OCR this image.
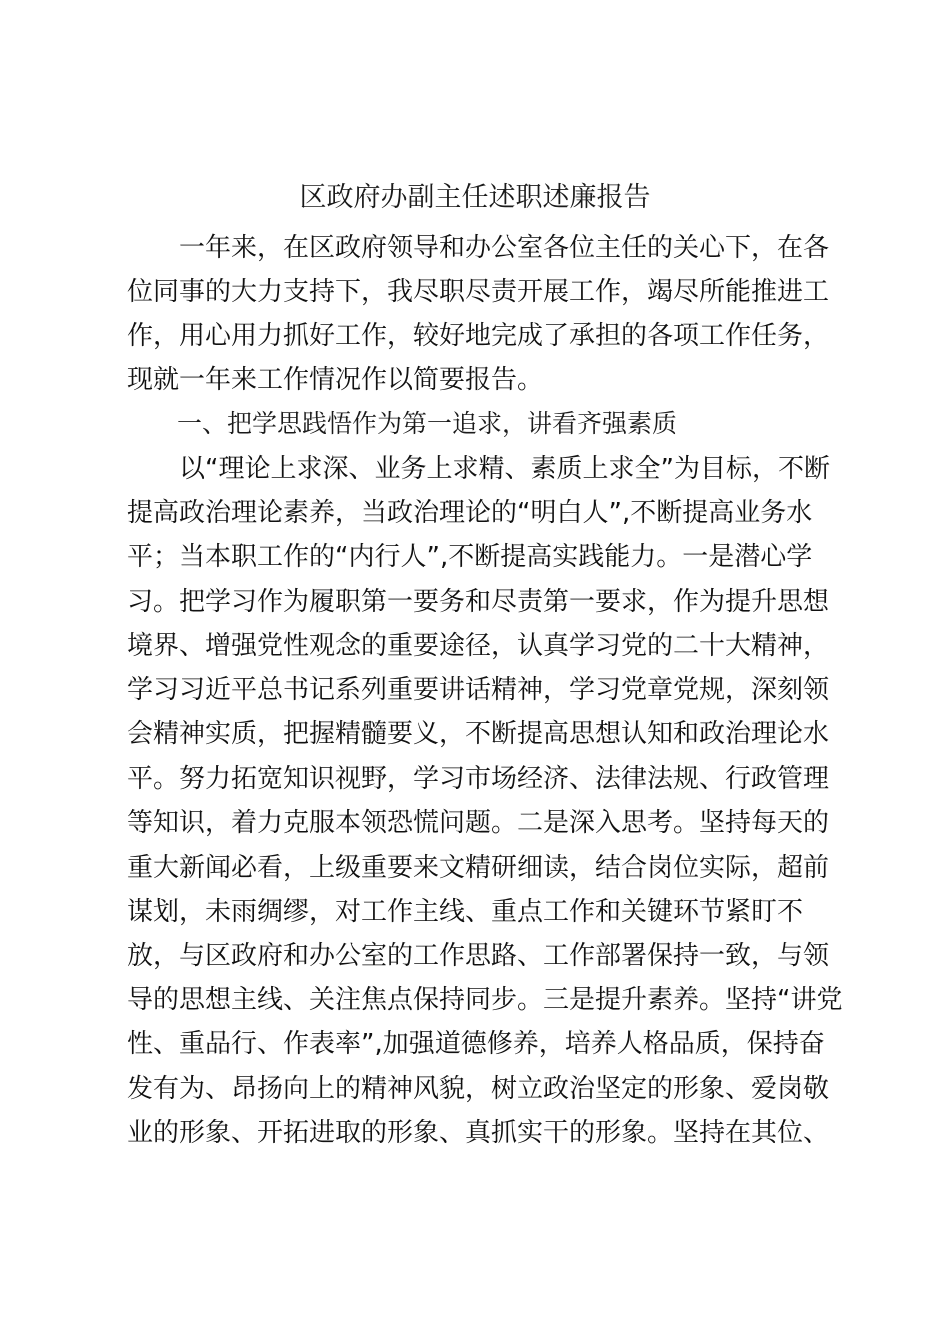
区政府办副主任述职述廉报告

　　一年来，在区政府领导和办公室各位主任的关心下，在各

位同事的大力支持下，我尽职尽责开展工作，竭尽所能推进工

作，用心用力抓好工作，较好地完成了承担的各项工作任务，

现就一年来工作情况作以简要报告。

　　一、把学思践悟作为第一追求，讲看齐强素质

　　以“理论上求深、业务上求精、素质上求全”为目标，不断

提高政治理论素养，当政治理论的“明白人”,不断提高业务水

平；当本职工作的“内行人”,不断提高实践能力。一是潜心学

习。把学习作为履职第一要务和尽责第一要求，作为提升思想

境界、增强党性观念的重要途径，认真学习党的二十大精神，

学习习近平总书记系列重要讲话精神，学习党章党规，深刻领

会精神实质，把握精髓要义，不断提高思想认知和政治理论水

平。努力拓宽知识视野，学习市场经济、法律法规、行政管理

等知识，着力克服本领恐慌问题。二是深入思考。坚持每天的

重大新闻必看，上级重要来文精研细读，结合岗位实际，超前

谋划，未雨绸缪，对工作主线、重点工作和关键环节紧盯不

放，与区政府和办公室的工作思路、工作部署保持一致，与领

导的思想主线、关注焦点保持同步。三是提升素养。坚持“讲党

性、重品行、作表率”,加强道德修养，培养人格品质，保持奋

发有为、昂扬向上的精神风貌，树立政治坚定的形象、爱岗敬

业的形象、开拓进取的形象、真抓实干的形象。坚持在其位、
